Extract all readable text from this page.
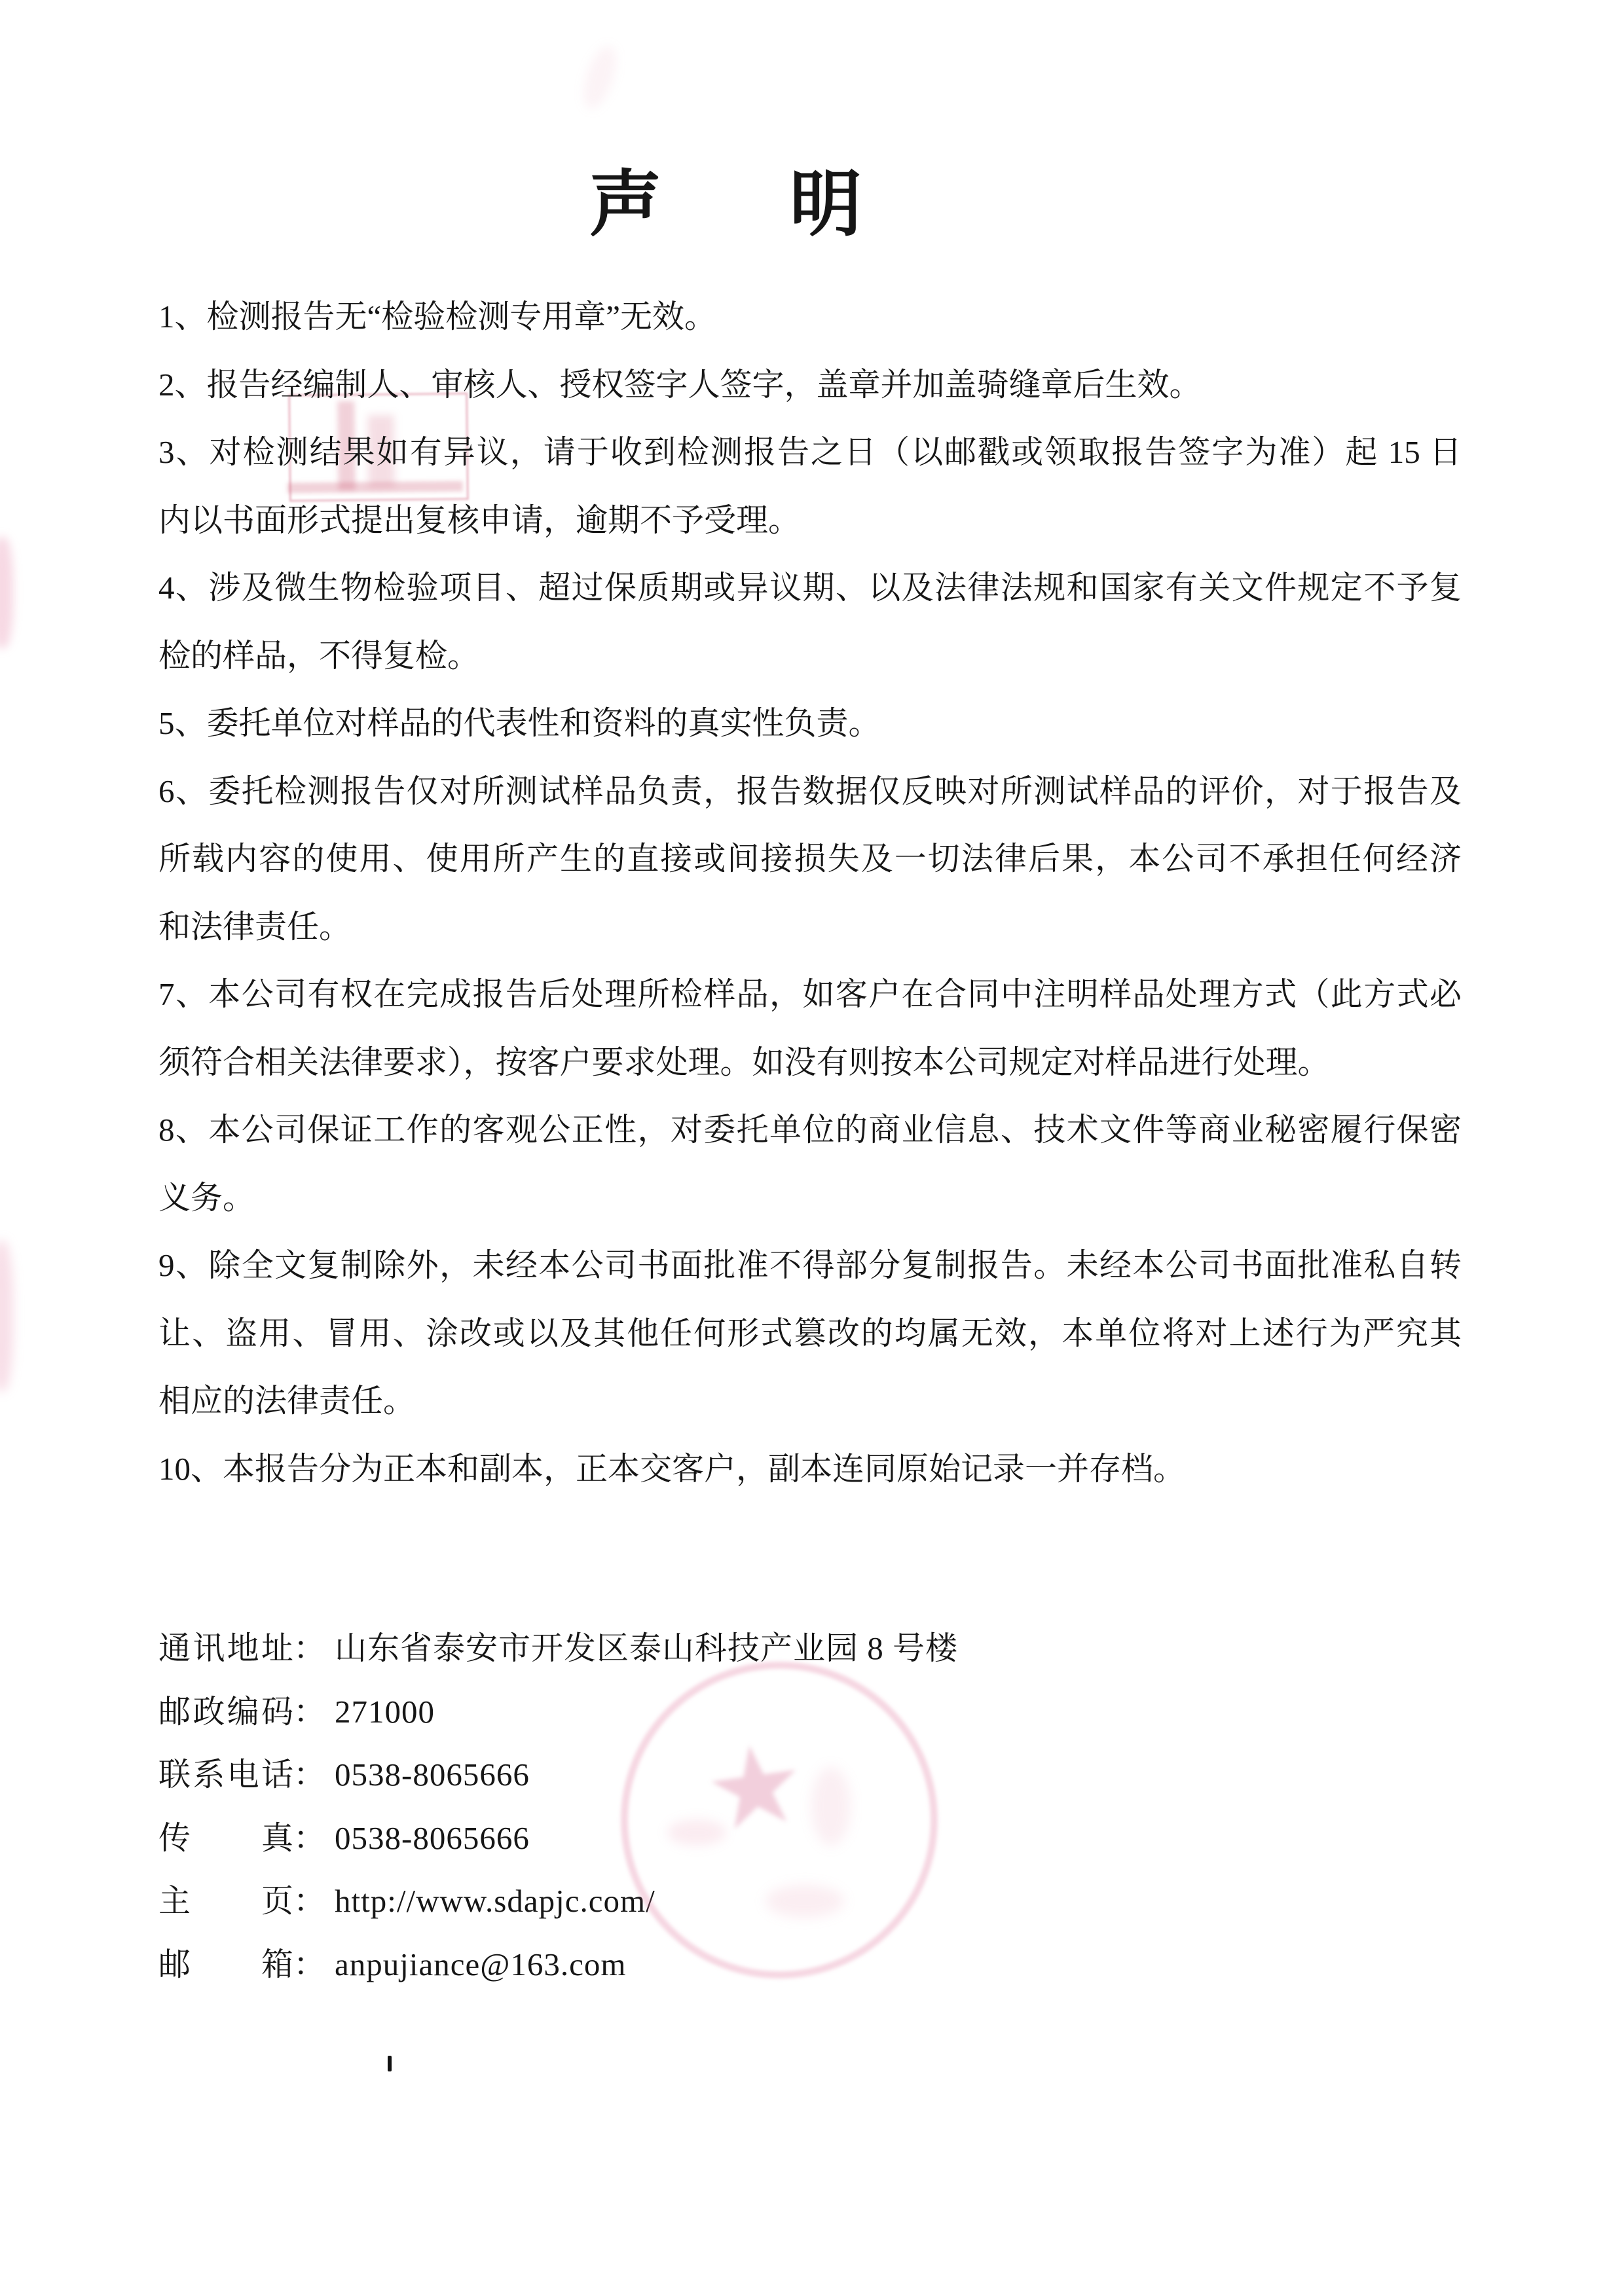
声 明
1、检测报告无“检验检测专用章”无效。
2、报告经编制人、审核人、授权签字人签字，盖章并加盖骑缝章后生效。
3、对检测结果如有异议，请于收到检测报告之日（以邮戳或领取报告签字为准）起 15 日
内以书面形式提出复核申请，逾期不予受理。
4、涉及微生物检验项目、超过保质期或异议期、以及法律法规和国家有关文件规定不予复
检的样品，不得复检。
5、委托单位对样品的代表性和资料的真实性负责。
6、委托检测报告仅对所测试样品负责，报告数据仅反映对所测试样品的评价，对于报告及
所载内容的使用、使用所产生的直接或间接损失及一切法律后果，本公司不承担任何经济
和法律责任。
7、本公司有权在完成报告后处理所检样品，如客户在合同中注明样品处理方式（此方式必
须符合相关法律要求），按客户要求处理。如没有则按本公司规定对样品进行处理。
8、本公司保证工作的客观公正性，对委托单位的商业信息、技术文件等商业秘密履行保密
义务。
9、除全文复制除外，未经本公司书面批准不得部分复制报告。未经本公司书面批准私自转
让、盗用、冒用、涂改或以及其他任何形式篡改的均属无效，本单位将对上述行为严究其
相应的法律责任。
10、本报告分为正本和副本，正本交客户，副本连同原始记录一并存档。
通 讯 地 址 ： 山东省泰安市开发区泰山科技产业园 8 号楼
邮 政 编 码 ： 271000
联 系 电 话 ： 0538-8065666
传 真 ： 0538-8065666
主 页 ： http://www.sdapjc.com/
邮 箱 ： anpujiance@163.com
★
